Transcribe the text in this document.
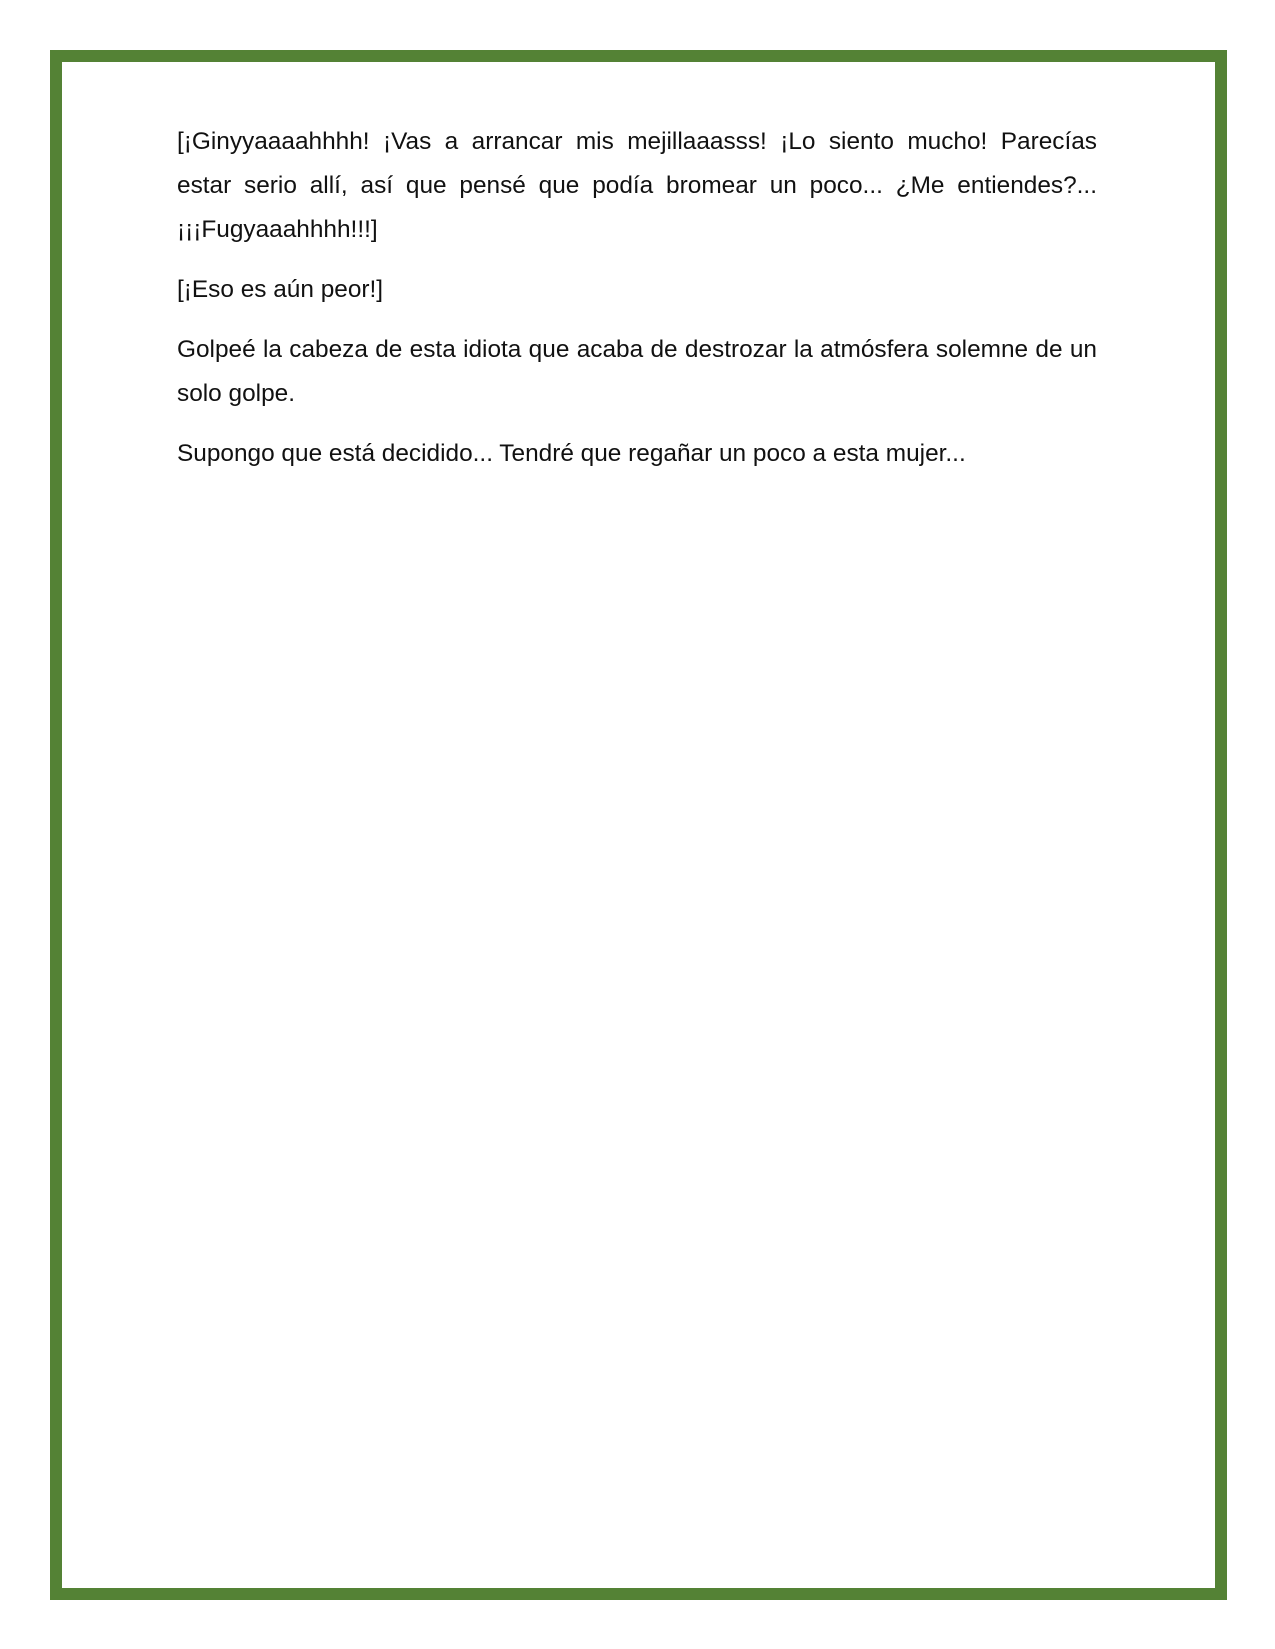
[¡Ginyyaaaahhhh! ¡Vas a arrancar mis mejillaaasss! ¡Lo siento mucho! Parecías estar serio allí, así que pensé que podía bromear un poco... ¿Me entiendes?... ¡¡¡Fugyaaahhhh!!!]

[¡Eso es aún peor!]

Golpeé la cabeza de esta idiota que acaba de destrozar la atmósfera solemne de un solo golpe.

Supongo que está decidido... Tendré que regañar un poco a esta mujer...
